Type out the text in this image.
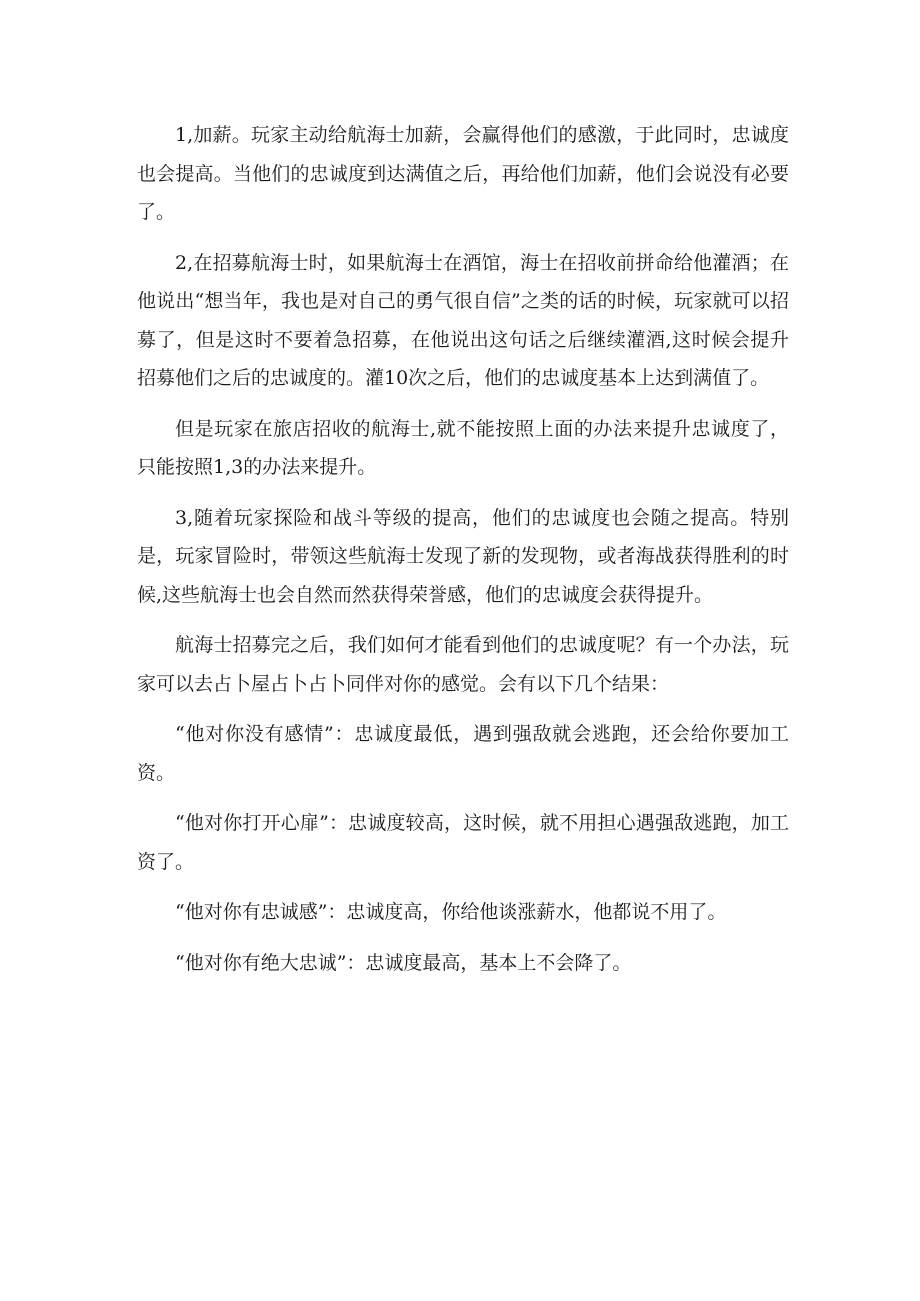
1,加薪。玩家主动给航海士加薪，会赢得他们的感激，于此同时，忠诚度也会提高。当他们的忠诚度到达满值之后，再给他们加薪，他们会说没有必要了。

2,在招募航海士时，如果航海士在酒馆，海士在招收前拼命给他灌酒；在他说出“想当年，我也是对自己的勇气很自信”之类的话的时候，玩家就可以招募了，但是这时不要着急招募，在他说出这句话之后继续灌酒,这时候会提升招募他们之后的忠诚度的。灌10次之后，他们的忠诚度基本上达到满值了。

但是玩家在旅店招收的航海士,就不能按照上面的办法来提升忠诚度了，只能按照1,3的办法来提升。

3,随着玩家探险和战斗等级的提高，他们的忠诚度也会随之提高。特别是，玩家冒险时，带领这些航海士发现了新的发现物，或者海战获得胜利的时候,这些航海士也会自然而然获得荣誉感，他们的忠诚度会获得提升。

航海士招募完之后，我们如何才能看到他们的忠诚度呢？有一个办法，玩家可以去占卜屋占卜占卜同伴对你的感觉。会有以下几个结果：

“他对你没有感情”：忠诚度最低，遇到强敌就会逃跑，还会给你要加工资。

“他对你打开心扉”：忠诚度较高，这时候，就不用担心遇强敌逃跑，加工资了。

“他对你有忠诚感”：忠诚度高，你给他谈涨薪水，他都说不用了。

“他对你有绝大忠诚”：忠诚度最高，基本上不会降了。
